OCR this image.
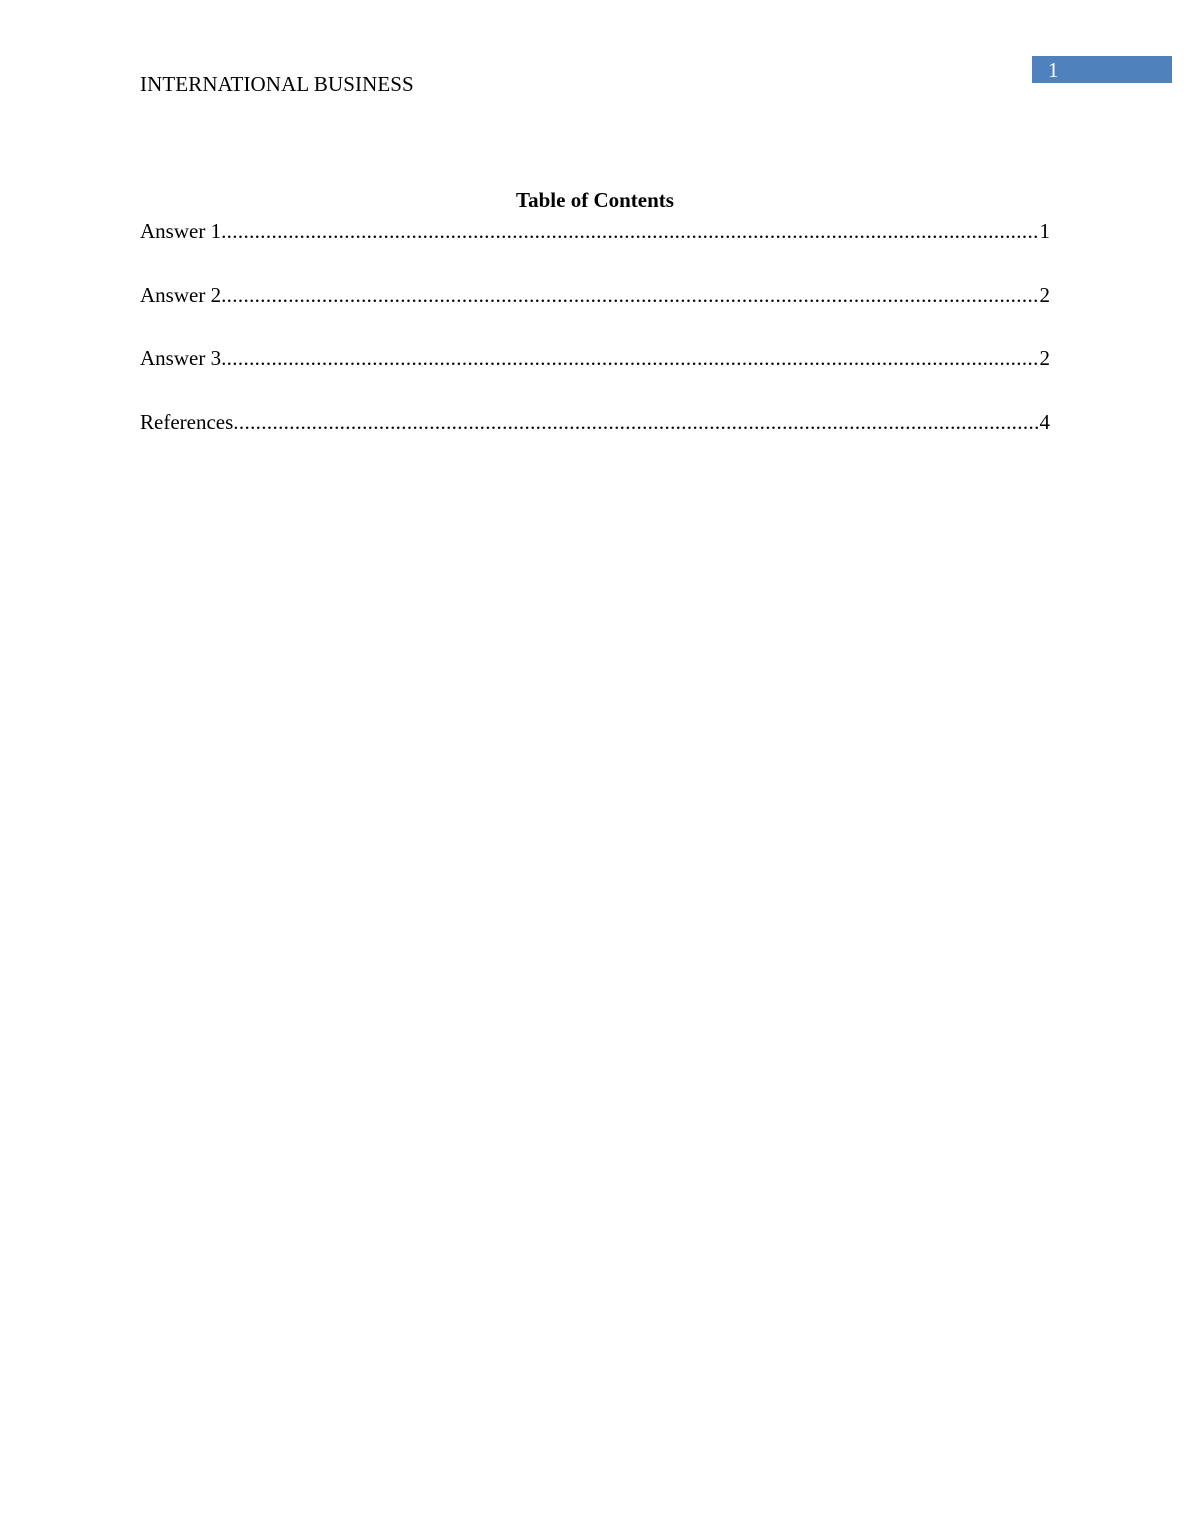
INTERNATIONAL BUSINESS
1
Table of Contents
Answer 1 .....	1
Answer 2 .....	2
Answer 3 .....	2
References .....	4
